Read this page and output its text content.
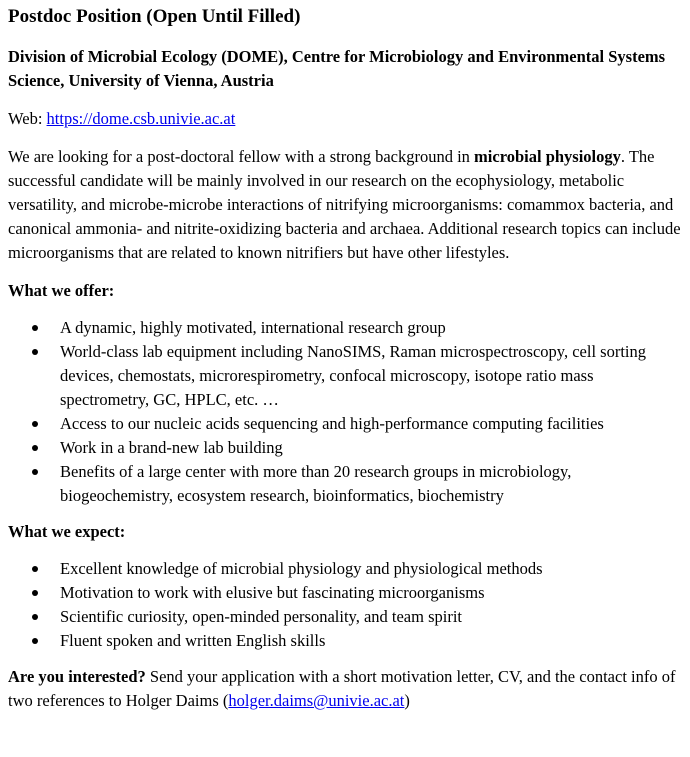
Postdoc Position (Open Until Filled)
Division of Microbial Ecology (DOME), Centre for Microbiology and Environmental Systems Science, University of Vienna, Austria
Web: https://dome.csb.univie.ac.at
We are looking for a post-doctoral fellow with a strong background in microbial physiology. The successful candidate will be mainly involved in our research on the ecophysiology, metabolic versatility, and microbe-microbe interactions of nitrifying microorganisms: comammox bacteria, and canonical ammonia- and nitrite-oxidizing bacteria and archaea. Additional research topics can include microorganisms that are related to known nitrifiers but have other lifestyles.
What we offer:
A dynamic, highly motivated, international research group
World-class lab equipment including NanoSIMS, Raman microspectroscopy, cell sorting devices, chemostats, microrespirometry, confocal microscopy, isotope ratio mass spectrometry, GC, HPLC, etc. …
Access to our nucleic acids sequencing and high-performance computing facilities
Work in a brand-new lab building
Benefits of a large center with more than 20 research groups in microbiology, biogeochemistry, ecosystem research, bioinformatics, biochemistry
What we expect:
Excellent knowledge of microbial physiology and physiological methods
Motivation to work with elusive but fascinating microorganisms
Scientific curiosity, open-minded personality, and team spirit
Fluent spoken and written English skills
Are you interested? Send your application with a short motivation letter, CV, and the contact info of two references to Holger Daims (holger.daims@univie.ac.at)
